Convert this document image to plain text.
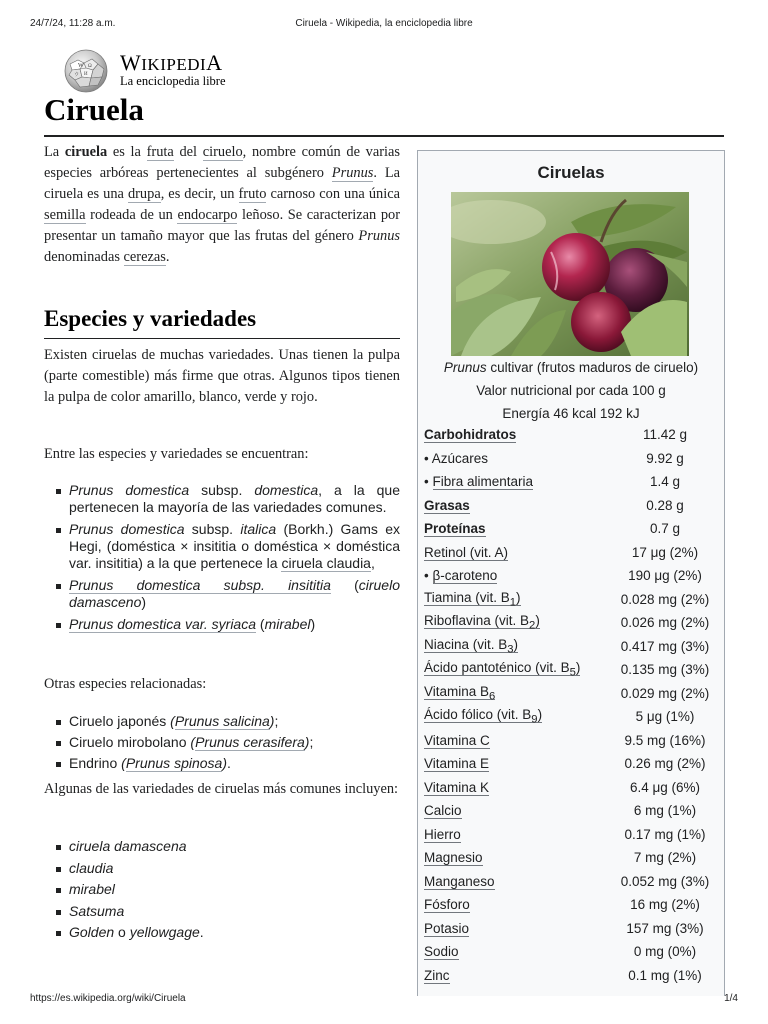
24/7/24, 11:28 a.m.	Ciruela - Wikipedia, la enciclopedia libre
W Ω
И
ウ
WIKIPEDIA
La enciclopedia libre
Ciruela

La ciruela es la fruta del ciruelo, nombre común de varias especies arbóreas pertenecientes al subgénero Prunus. La ciruela es una drupa, es decir, un fruto carnoso con una única semilla rodeada de un endocarpo leñoso. Se caracterizan por presentar un tamaño mayor que las frutas del género Prunus denominadas cerezas.

Especies y variedades

Existen ciruelas de muchas variedades. Unas tienen la pulpa (parte comestible) más firme que otras. Algunos tipos tienen la pulpa de color amarillo, blanco, verde y rojo.

Entre las especies y variedades se encuentran:

Prunus domestica subsp. domestica, a la que pertenecen la mayoría de las variedades comunes.
Prunus domestica subsp. italica (Borkh.) Gams ex Hegi, (doméstica × insititia o doméstica × doméstica var. insititia) a la que pertenece la ciruela claudia,
Prunus domestica subsp. insititia (ciruelo damasceno)
Prunus domestica var. syriaca (mirabel)

Otras especies relacionadas:

Ciruelo japonés (Prunus salicina);
Ciruelo mirobolano (Prunus cerasifera);
Endrino (Prunus spinosa).

Algunas de las variedades de ciruelas más comunes incluyen:

ciruela damascena
claudia
mirabel
Satsuma
Golden o yellowgage.
Ciruelas
Prunus cultivar (frutos maduros de ciruelo)
Valor nutricional por cada 100 g
Energía 46 kcal 192 kJ
Carbohidratos	11.42 g
• Azúcares	9.92 g
• Fibra alimentaria	1.4 g
Grasas	0.28 g
Proteínas	0.7 g
Retinol (vit. A)	17 μg (2%)
• β-caroteno	190 μg (2%)
Tiamina (vit. $B_1$)	0.028 mg (2%)
Riboflavina (vit. $B_2$)	0.026 mg (2%)
Niacina (vit. $B_3$)	0.417 mg (3%)
Ácido pantoténico (vit. $B_5$)	0.135 mg (3%)
Vitamina $B_6$	0.029 mg (2%)
Ácido fólico (vit. $B_9$)	5 μg (1%)
Vitamina C	9.5 mg (16%)
Vitamina E	0.26 mg (2%)
Vitamina K	6.4 μg (6%)
Calcio	6 mg (1%)
Hierro	0.17 mg (1%)
Magnesio	7 mg (2%)
Manganeso	0.052 mg (3%)
Fósforo	16 mg (2%)
Potasio	157 mg (3%)
Sodio	0 mg (0%)
Zinc	0.1 mg (1%)
https://es.wikipedia.org/wiki/Ciruela	1/4
